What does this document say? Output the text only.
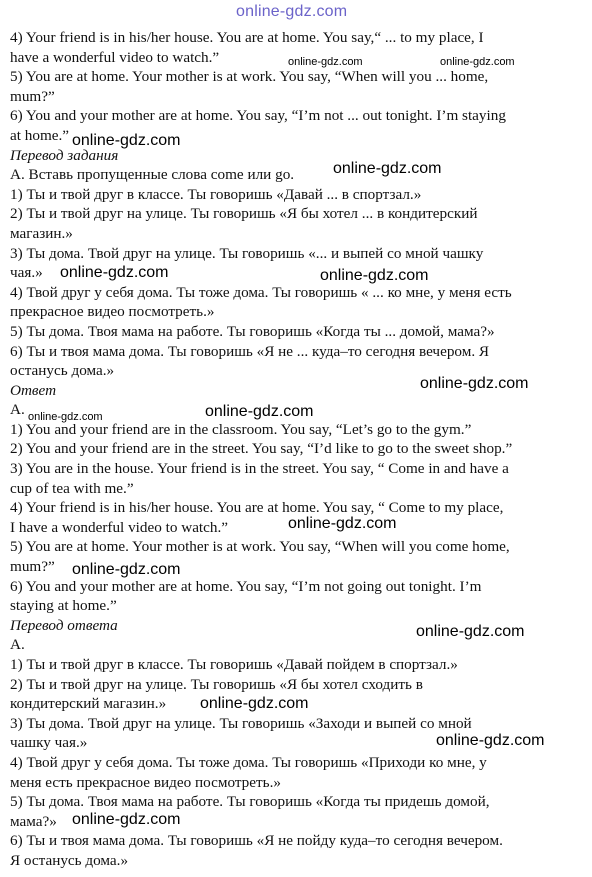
online-gdz.com
4) Your friend is in his/her house. You are at home. You say,“ ... to my place, I
have a wonderful video to watch.”
5) You are at home. Your mother is at work. You say, “When will you ... home,
mum?”
6) You and your mother are at home. You say, “I’m not ... out tonight. I’m staying
at home.”
Перевод задания
A. Вставь пропущенные слова come или go.
1) Ты и твой друг в классе. Ты говоришь «Давай ... в спортзал.»
2) Ты и твой друг на улице. Ты говоришь «Я бы хотел ... в кондитерский
магазин.»
3) Ты дома. Твой друг на улице. Ты говоришь «... и выпей со мной чашку
чая.»
4) Твой друг у себя дома. Ты тоже дома. Ты говоришь « ... ко мне, у меня есть
прекрасное видео посмотреть.»
5) Ты дома. Твоя мама на работе. Ты говоришь «Когда ты ... домой, мама?»
6) Ты и твоя мама дома. Ты говоришь «Я не ... куда–то сегодня вечером. Я
останусь дома.»
Ответ
A.
1) You and your friend are in the classroom. You say, “Let’s go to the gym.”
2) You and your friend are in the street. You say, “I’d like to go to the sweet shop.”
3) You are in the house. Your friend is in the street. You say, “ Come in and have a
cup of tea with me.”
4) Your friend is in his/her house. You are at home. You say, “ Come to my place,
I have a wonderful video to watch.”
5) You are at home. Your mother is at work. You say, “When will you come home,
mum?”
6) You and your mother are at home. You say, “I’m not going out tonight. I’m
staying at home.”
Перевод ответа
A.
1) Ты и твой друг в классе. Ты говоришь «Давай пойдем в спортзал.»
2) Ты и твой друг на улице. Ты говоришь «Я бы хотел сходить в
кондитерский магазин.»
3) Ты дома. Твой друг на улице. Ты говоришь «Заходи и выпей со мной
чашку чая.»
4) Твой друг у себя дома. Ты тоже дома. Ты говоришь «Приходи ко мне, у
меня есть прекрасное видео посмотреть.»
5) Ты дома. Твоя мама на работе. Ты говоришь «Когда ты придешь домой,
мама?»
6) Ты и твоя мама дома. Ты говоришь «Я не пойду куда–то сегодня вечером.
Я останусь дома.»
online-gdz.com	online-gdz.com
online-gdz.com
online-gdz.com
online-gdz.com	online-gdz.com
online-gdz.com
online-gdz.com	online-gdz.com
online-gdz.com
online-gdz.com
online-gdz.com
online-gdz.com
online-gdz.com
online-gdz.com
